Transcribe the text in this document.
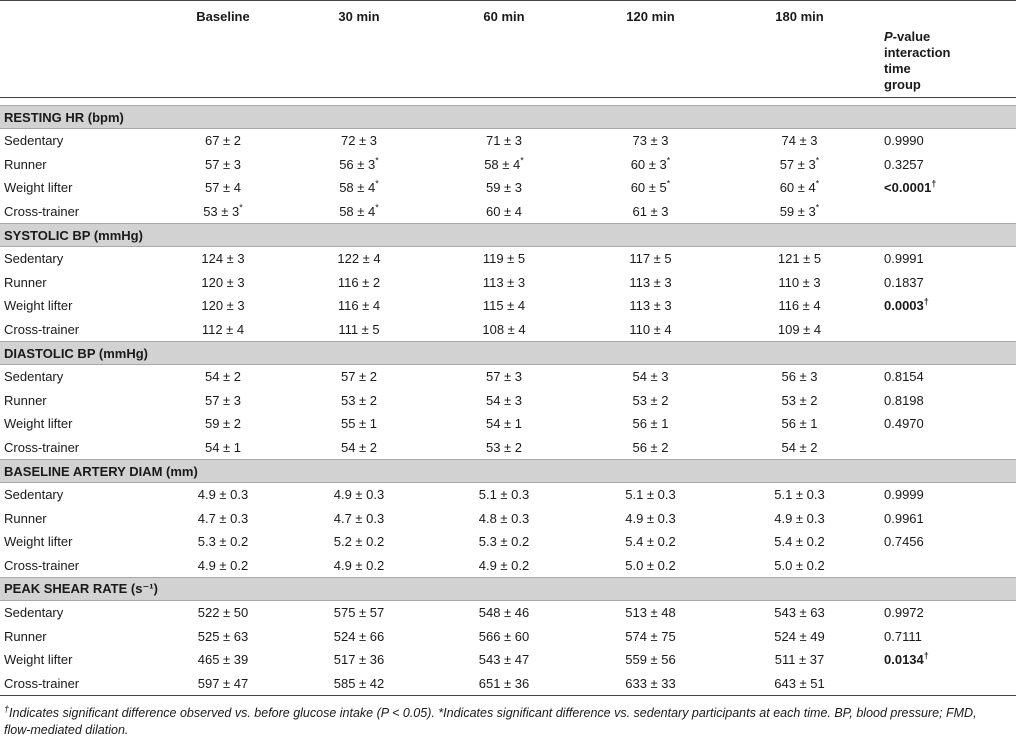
	Baseline	30 min	60 min	120 min	180 min	P-value
interaction
time
group

RESTING HR (bpm)						
Sedentary	67 ± 2	72 ± 3	71 ± 3	73 ± 3	74 ± 3	0.9990
Runner	57 ± 3	56 ± 3*	58 ± 4*	60 ± 3*	57 ± 3*	0.3257
Weight lifter	57 ± 4	58 ± 4*	59 ± 3	60 ± 5*	60 ± 4*	<0.0001†
Cross-trainer	53 ± 3*	58 ± 4*	60 ± 4	61 ± 3	59 ± 3*	
SYSTOLIC BP (mmHg)						
Sedentary	124 ± 3	122 ± 4	119 ± 5	117 ± 5	121 ± 5	0.9991
Runner	120 ± 3	116 ± 2	113 ± 3	113 ± 3	110 ± 3	0.1837
Weight lifter	120 ± 3	116 ± 4	115 ± 4	113 ± 3	116 ± 4	0.0003†
Cross-trainer	112 ± 4	111 ± 5	108 ± 4	110 ± 4	109 ± 4	
DIASTOLIC BP (mmHg)						
Sedentary	54 ± 2	57 ± 2	57 ± 3	54 ± 3	56 ± 3	0.8154
Runner	57 ± 3	53 ± 2	54 ± 3	53 ± 2	53 ± 2	0.8198
Weight lifter	59 ± 2	55 ± 1	54 ± 1	56 ± 1	56 ± 1	0.4970
Cross-trainer	54 ± 1	54 ± 2	53 ± 2	56 ± 2	54 ± 2	
BASELINE ARTERY DIAM (mm)						
Sedentary	4.9 ± 0.3	4.9 ± 0.3	5.1 ± 0.3	5.1 ± 0.3	5.1 ± 0.3	0.9999
Runner	4.7 ± 0.3	4.7 ± 0.3	4.8 ± 0.3	4.9 ± 0.3	4.9 ± 0.3	0.9961
Weight lifter	5.3 ± 0.2	5.2 ± 0.2	5.3 ± 0.2	5.4 ± 0.2	5.4 ± 0.2	0.7456
Cross-trainer	4.9 ± 0.2	4.9 ± 0.2	4.9 ± 0.2	5.0 ± 0.2	5.0 ± 0.2	
PEAK SHEAR RATE (s⁻¹)						
Sedentary	522 ± 50	575 ± 57	548 ± 46	513 ± 48	543 ± 63	0.9972
Runner	525 ± 63	524 ± 66	566 ± 60	574 ± 75	524 ± 49	0.7111
Weight lifter	465 ± 39	517 ± 36	543 ± 47	559 ± 56	511 ± 37	0.0134†
Cross-trainer	597 ± 47	585 ± 42	651 ± 36	633 ± 33	643 ± 51	
†Indicates significant difference observed vs. before glucose intake (P < 0.05). *Indicates significant difference vs. sedentary participants at each time. BP, blood pressure; FMD,
flow-mediated dilation.
